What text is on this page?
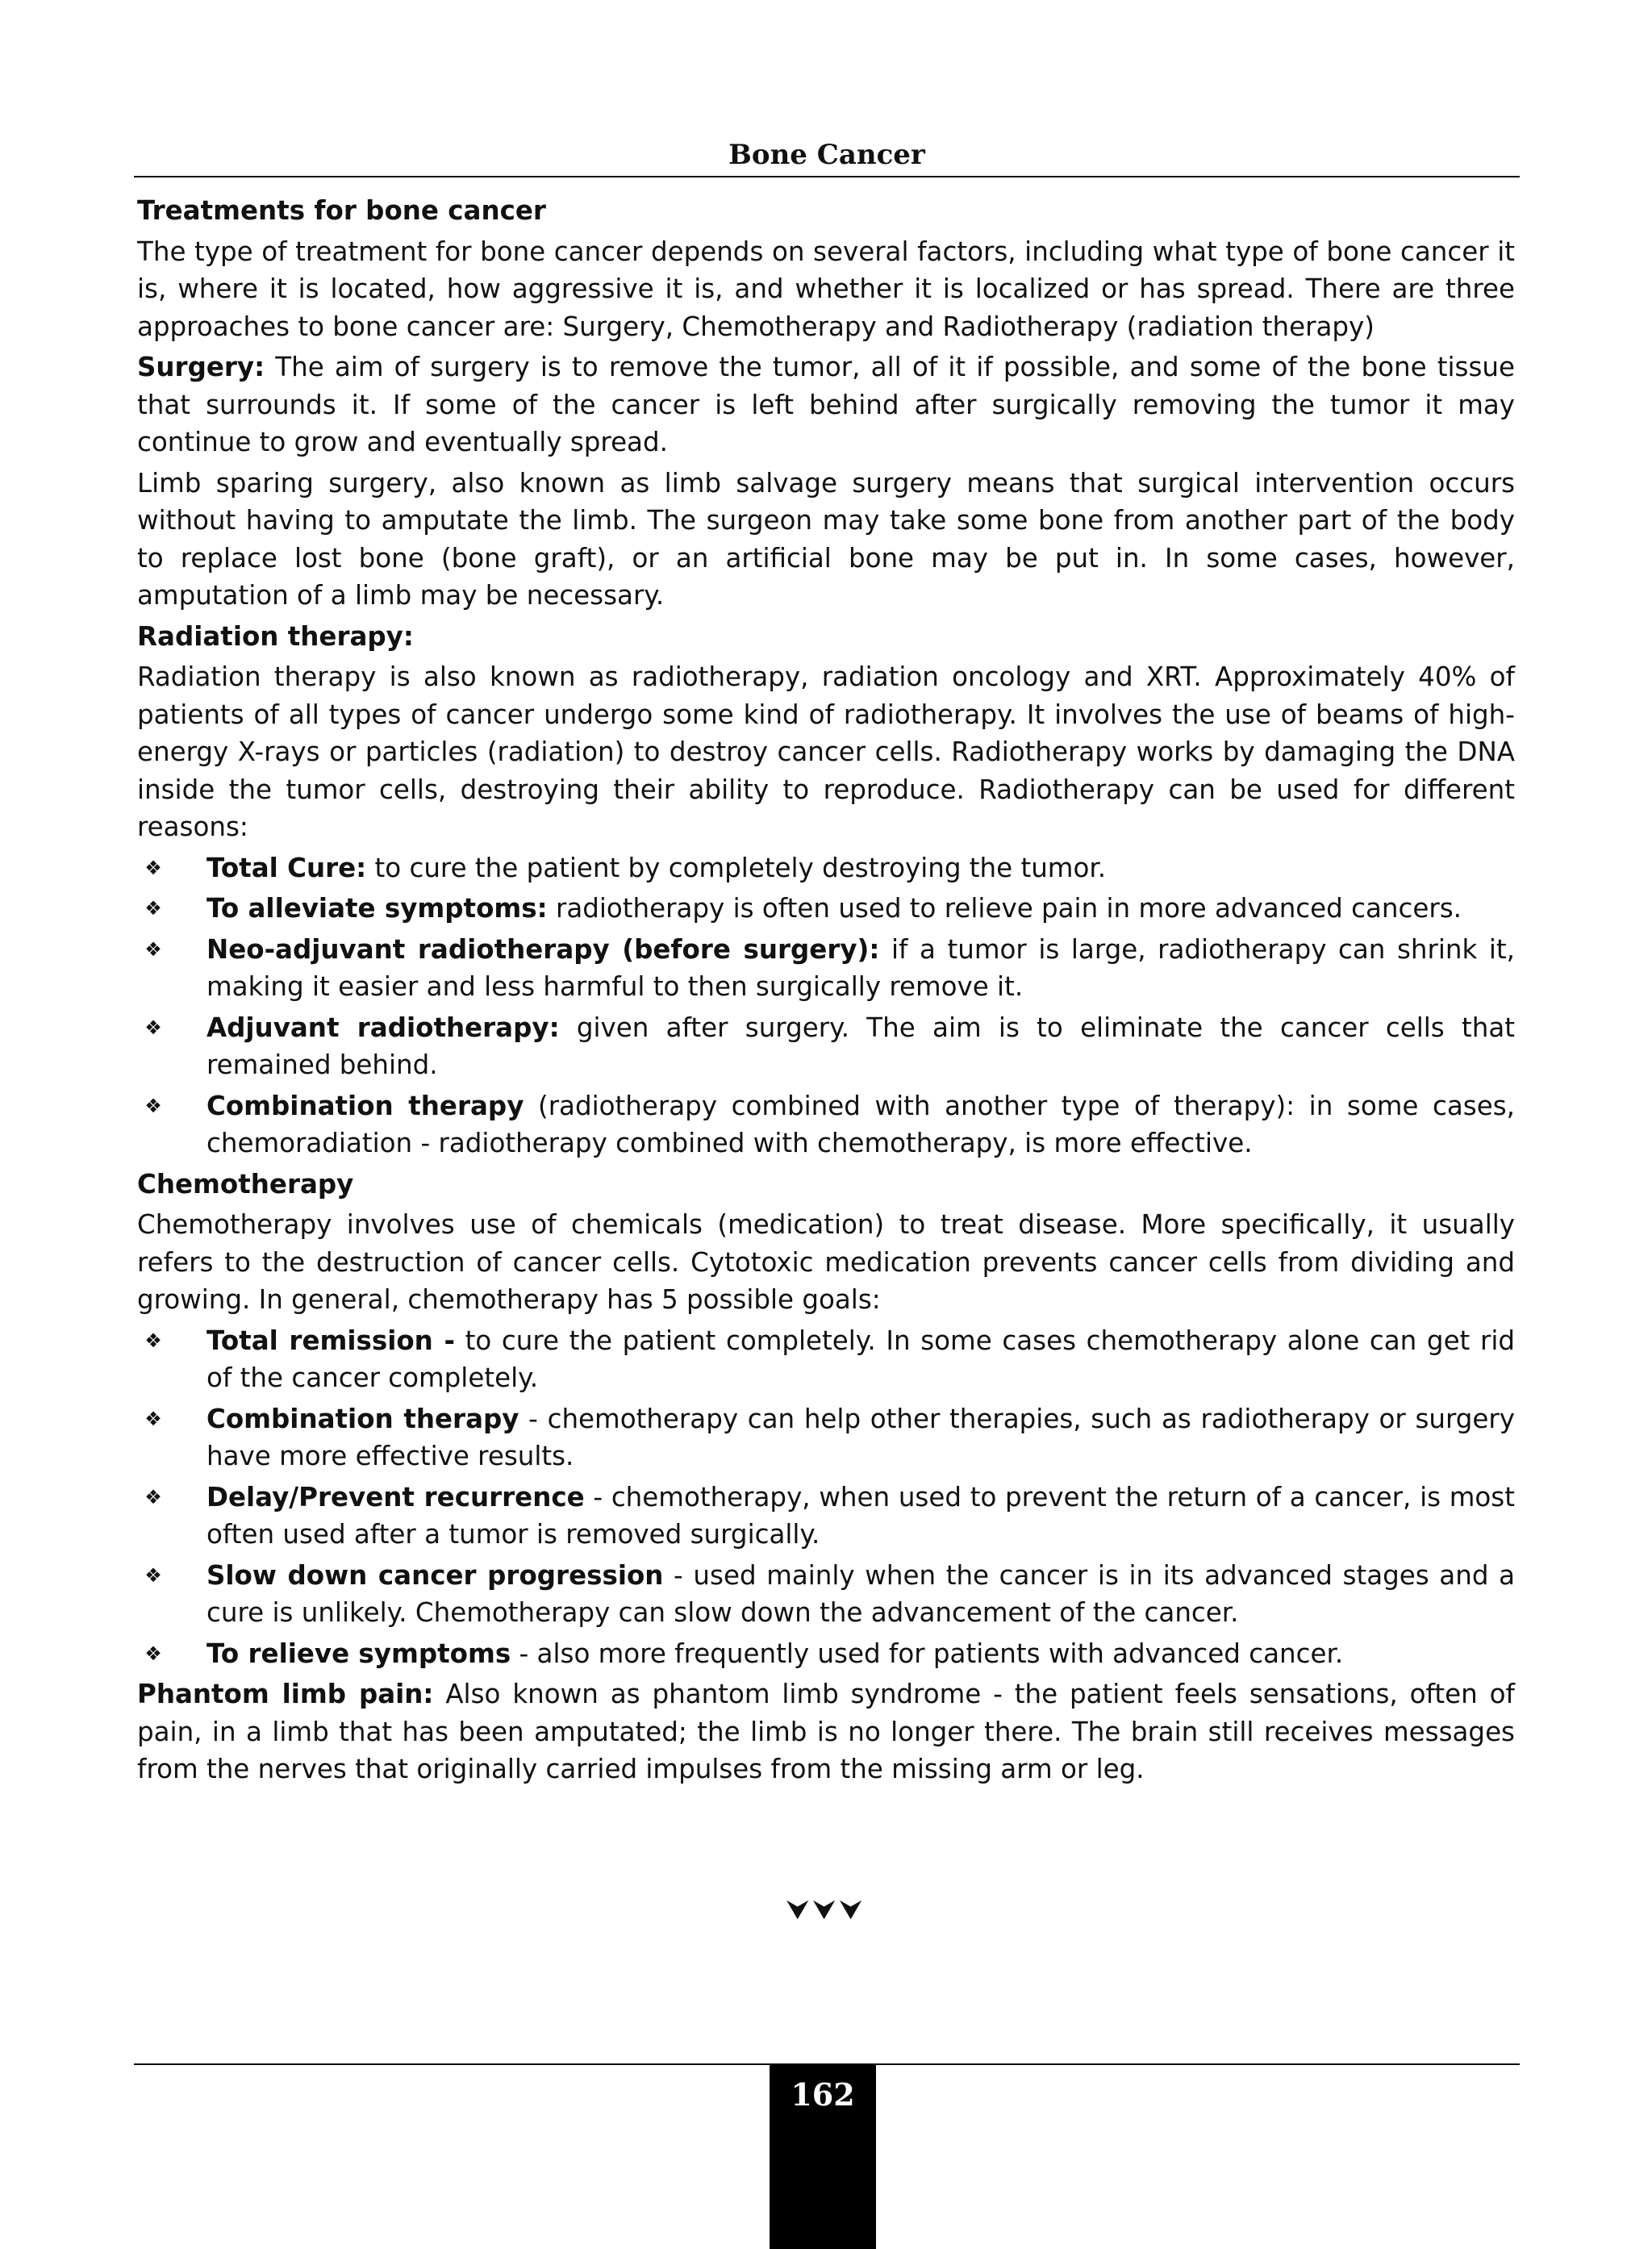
Bone Cancer
Treatments for bone cancer

The type of treatment for bone cancer depends on several factors, including what type of bone cancer it is, where it is located, how aggressive it is, and whether it is localized or has spread. There are three approaches to bone cancer are: Surgery, Chemotherapy and Radiotherapy (radiation therapy)

Surgery: The aim of surgery is to remove the tumor, all of it if possible, and some of the bone tissue that surrounds it. If some of the cancer is left behind after surgically removing the tumor it may continue to grow and eventually spread.

Limb sparing surgery, also known as limb salvage surgery means that surgical intervention occurs without having to amputate the limb. The surgeon may take some bone from another part of the body to replace lost bone (bone graft), or an artificial bone may be put in. In some cases, however, amputation of a limb may be necessary.

Radiation therapy:

Radiation therapy is also known as radiotherapy, radiation oncology and XRT. Approximately 40% of patients of all types of cancer undergo some kind of radiotherapy. It involves the use of beams of high-energy X-rays or particles (radiation) to destroy cancer cells. Radiotherapy works by damaging the DNA inside the tumor cells, destroying their ability to reproduce. Radiotherapy can be used for different reasons:

❖ Total Cure: to cure the patient by completely destroying the tumor.
❖ To alleviate symptoms: radiotherapy is often used to relieve pain in more advanced cancers.
❖ Neo-adjuvant radiotherapy (before surgery): if a tumor is large, radiotherapy can shrink it, making it easier and less harmful to then surgically remove it.
❖ Adjuvant radiotherapy: given after surgery. The aim is to eliminate the cancer cells that remained behind.
❖ Combination therapy (radiotherapy combined with another type of therapy): in some cases, chemoradiation - radiotherapy combined with chemotherapy, is more effective.
Chemotherapy

Chemotherapy involves use of chemicals (medication) to treat disease. More specifically, it usually refers to the destruction of cancer cells. Cytotoxic medication prevents cancer cells from dividing and growing. In general, chemotherapy has 5 possible goals:

❖ Total remission - to cure the patient completely. In some cases chemotherapy alone can get rid of the cancer completely.
❖ Combination therapy - chemotherapy can help other therapies, such as radiotherapy or surgery have more effective results.
❖ Delay/Prevent recurrence - chemotherapy, when used to prevent the return of a cancer, is most often used after a tumor is removed surgically.
❖ Slow down cancer progression - used mainly when the cancer is in its advanced stages and a cure is unlikely. Chemotherapy can slow down the advancement of the cancer.
❖ To relieve symptoms - also more frequently used for patients with advanced cancer.

Phantom limb pain: Also known as phantom limb syndrome - the patient feels sensations, often of pain, in a limb that has been amputated; the limb is no longer there. The brain still receives messages from the nerves that originally carried impulses from the missing arm or leg.

⮟⮟⮟
162
